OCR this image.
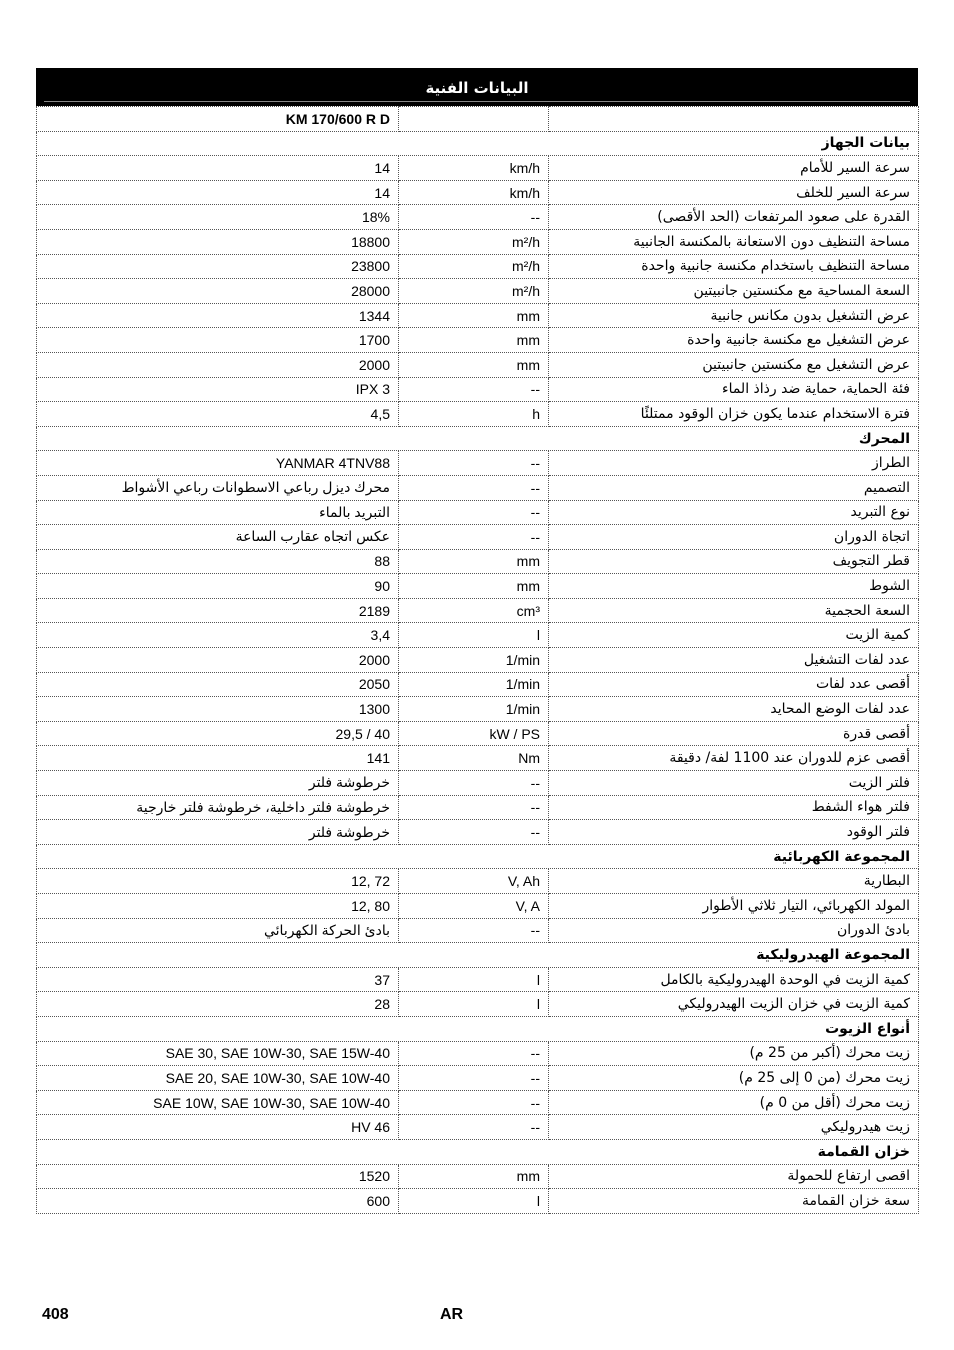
البيانات الفنية
KM 170/600 R D		
بيانات الجهاز		
14	km/h	سرعة السير للأمام
14	km/h	سرعة السير للخلف
18%	--	القدرة على صعود المرتفعات (الحد الأقصى)
18800	m²/h	مساحة التنظيف دون الاستعانة بالمكنسة الجانبية
23800	m²/h	مساحة التنظيف باستخدام مكنسة جانبية واحدة
28000	m²/h	السعة المساحية مع مكنستين جانبيتين
1344	mm	عرض التشغيل بدون مكانس جانبية
1700	mm	عرض التشغيل مع مكنسة جانبية واحدة
2000	mm	عرض التشغيل مع مكنستين جانبيتين
IPX 3	--	فئة الحماية، حماية ضد رذاذ الماء
4,5	h	فترة الاستخدام عندما يكون خزان الوقود ممتلئًا
المحرك		
YANMAR 4TNV88	--	الطراز
محرك ديزل رباعي الاسطوانات رباعي الأشواط	--	التصميم
التبريد بالماء	--	نوع التبريد
عكس اتجاه عقارب الساعة	--	اتجاة الدوران
88	mm	قطر التجويف
90	mm	الشوط
2189	cm³	السعة الحجمية
3,4	l	كمية الزيت
2000	1/min	عدد لفات التشغيل
2050	1/min	أقصى عدد لفات
1300	1/min	عدد لفات الوضع المحايد
29,5 / 40	kW / PS	أقصى قدرة
141	Nm	أقصى عزم للدوران عند 1100 لفة/ دقيقة
خرطوشة فلتر	--	فلتر الزيت
خرطوشة فلتر داخلية، خرطوشة فلتر خارجية	--	فلتر هواء الشفط
خرطوشة فلتر	--	فلتر الوقود
المجموعة الكهربائية		
12, 72	V, Ah	البطارية
12, 80	V, A	المولد الكهربائي، التيار ثلاثي الأطوار
بادئ الحركة الكهربائي	--	بادئ الدوران
المجموعة الهيدروليكية		
37	l	كمية الزيت في الوحدة الهيدروليكية بالكامل
28	l	كمية الزيت في خزان الزيت الهيدروليكي
أنواع الزيوت		
SAE 30, SAE 10W-30, SAE 15W-40	--	زيت محرك (أكبر من 25 م)
SAE 20, SAE 10W-30, SAE 10W-40	--	زيت محرك (من 0 إلى 25 م)
SAE 10W, SAE 10W-30, SAE 10W-40	--	زيت محرك (أقل من 0 م)
HV 46	--	زيت هيدروليكي
خزان القمامة		
1520	mm	اقصى ارتفاع للحمولة
600	l	سعة خزان القمامة
408	AR
